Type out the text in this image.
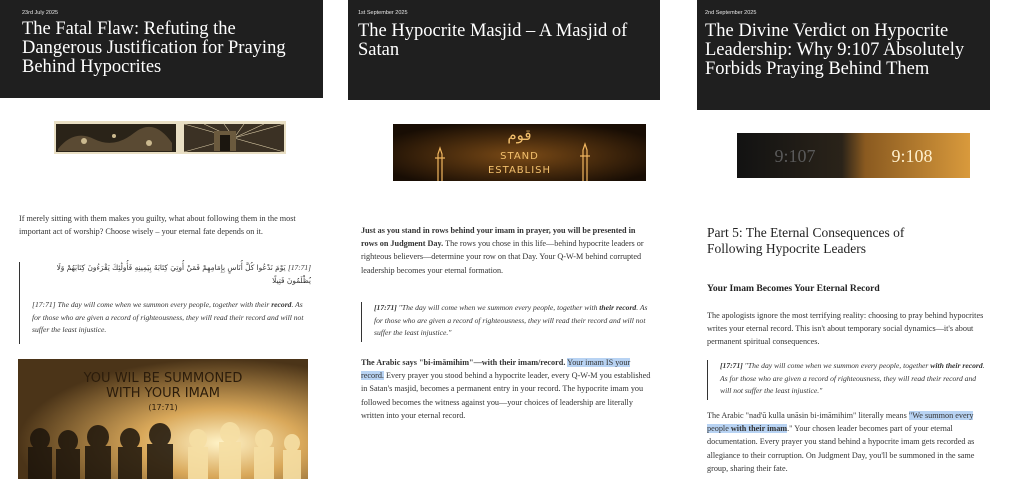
23rd July 2025
The Fatal Flaw: Refuting the Dangerous Justification for Praying Behind Hypocrites

If merely sitting with them makes you guilty, what about following them in the most important act of worship? Choose wisely – your eternal fate depends on it.

[17:71] يَوْمَ نَدْعُوا كُلَّ أُنَاسٍ بِإِمَامِهِمْ فَمَنْ أُوتِيَ كِتَابَهُ بِيَمِينِهِ فَأُولَٰئِكَ يَقْرَءُونَ كِتَابَهُمْ وَلَا يُظْلَمُونَ فَتِيلًا
[17:71] The day will come when we summon every people, together with their record. As for those who are given a record of righteousness, they will read their record and will not suffer the least injustice.
YOU WIL BE SUMMONED
WITH YOUR IMAM
(17:71)
1st September 2025
The Hypocrite Masjid – A Masjid of Satan
قوم
STAND
ESTABLISH

Just as you stand in rows behind your imam in prayer, you will be presented in rows on Judgment Day. The rows you chose in this life—behind hypocrite leaders or righteous believers—determine your row on that Day. Your Q-W-M behind corrupted leadership becomes your eternal formation.

[17:71] "The day will come when we summon every people, together with their record. As for those who are given a record of righteousness, they will read their record and will not suffer the least injustice."

The Arabic says "bi-imāmihim"—with their imam/record. Your imam IS your record. Every prayer you stood behind a hypocrite leader, every Q-W-M you established in Satan's masjid, becomes a permanent entry in your record. The hypocrite imam you followed becomes the witness against you—your choices of leadership are literally written into your eternal record.

2nd September 2025
The Divine Verdict on Hypocrite Leadership: Why 9:107 Absolutely Forbids Praying Behind Them
9:107	9:108
Part 5: The Eternal Consequences of Following Hypocrite Leaders
Your Imam Becomes Your Eternal Record

The apologists ignore the most terrifying reality: choosing to pray behind hypocrites writes your eternal record. This isn't about temporary social dynamics—it's about permanent spiritual consequences.

[17:71] "The day will come when we summon every people, together with their record. As for those who are given a record of righteousness, they will read their record and will not suffer the least injustice."

The Arabic "nad'ū kulla unāsin bi-imāmihim" literally means "We summon every people with their imam." Your chosen leader becomes part of your eternal documentation. Every prayer you stand behind a hypocrite imam gets recorded as allegiance to their corruption. On Judgment Day, you'll be summoned in the same group, sharing their fate.
